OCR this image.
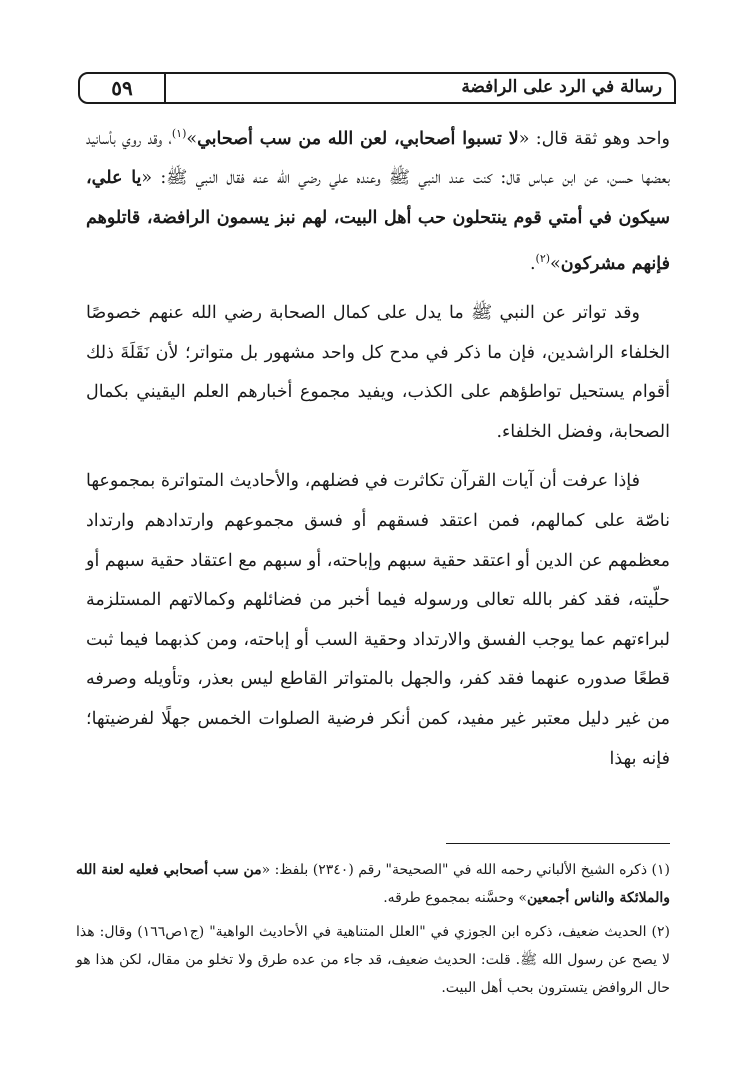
٥٩	رسالة في الرد على الرافضة

واحد وهو ثقة قال: «لا تسبوا أصحابي، لعن الله من سب أصحابي»$^{(١)}$، وقد روي بأسانيد بعضها حسن، عن ابن عباس قال: كنت عند النبي ﷺ وعنده علي رضي الله عنه فقال النبي ﷺ: «يا علي، سيكون في أمتي قوم ينتحلون حب أهل البيت، لهم نبز يسمون الرافضة، قاتلوهم فإنهم مشركون»$^{(٢)}$.

وقد تواتر عن النبي ﷺ ما يدل على كمال الصحابة رضي الله عنهم خصوصًا الخلفاء الراشدين، فإن ما ذكر في مدح كل واحد مشهور بل متواتر؛ لأن نَقَلَةَ ذلك أقوام يستحيل تواطؤهم على الكذب، ويفيد مجموع أخبارهم العلم اليقيني بكمال الصحابة، وفضل الخلفاء.

فإذا عرفت أن آيات القرآن تكاثرت في فضلهم، والأحاديث المتواترة بمجموعها ناصّة على كمالهم، فمن اعتقد فسقهم أو فسق مجموعهم وارتدادهم وارتداد معظمهم عن الدين أو اعتقد حقية سبهم وإباحته، أو سبهم مع اعتقاد حقية سبهم أو حلّيته، فقد كفر بالله تعالى ورسوله فيما أخبر من فضائلهم وكمالاتهم المستلزمة لبراءتهم عما يوجب الفسق والارتداد وحقية السب أو إباحته، ومن كذبهما فيما ثبت قطعًا صدوره عنهما فقد كفر، والجهل بالمتواتر القاطع ليس بعذر، وتأويله وصرفه من غير دليل معتبر غير مفيد، كمن أنكر فرضية الصلوات الخمس جهلًا لفرضيتها؛ فإنه بهذا

(١) ذكره الشيخ الألباني رحمه الله في "الصحيحة" رقم (٢٣٤٠) بلفظ: «من سب أصحابي فعليه لعنة الله والملائكة والناس أجمعين» وحسَّنه بمجموع طرقه.

(٢) الحديث ضعيف، ذكره ابن الجوزي في "العلل المتناهية في الأحاديث الواهية" (ج١ص١٦٦) وقال: هذا لا يصح عن رسول الله ﷺ. قلت: الحديث ضعيف، قد جاء من عده طرق ولا تخلو من مقال، لكن هذا هو حال الروافض يتسترون بحب أهل البيت.
